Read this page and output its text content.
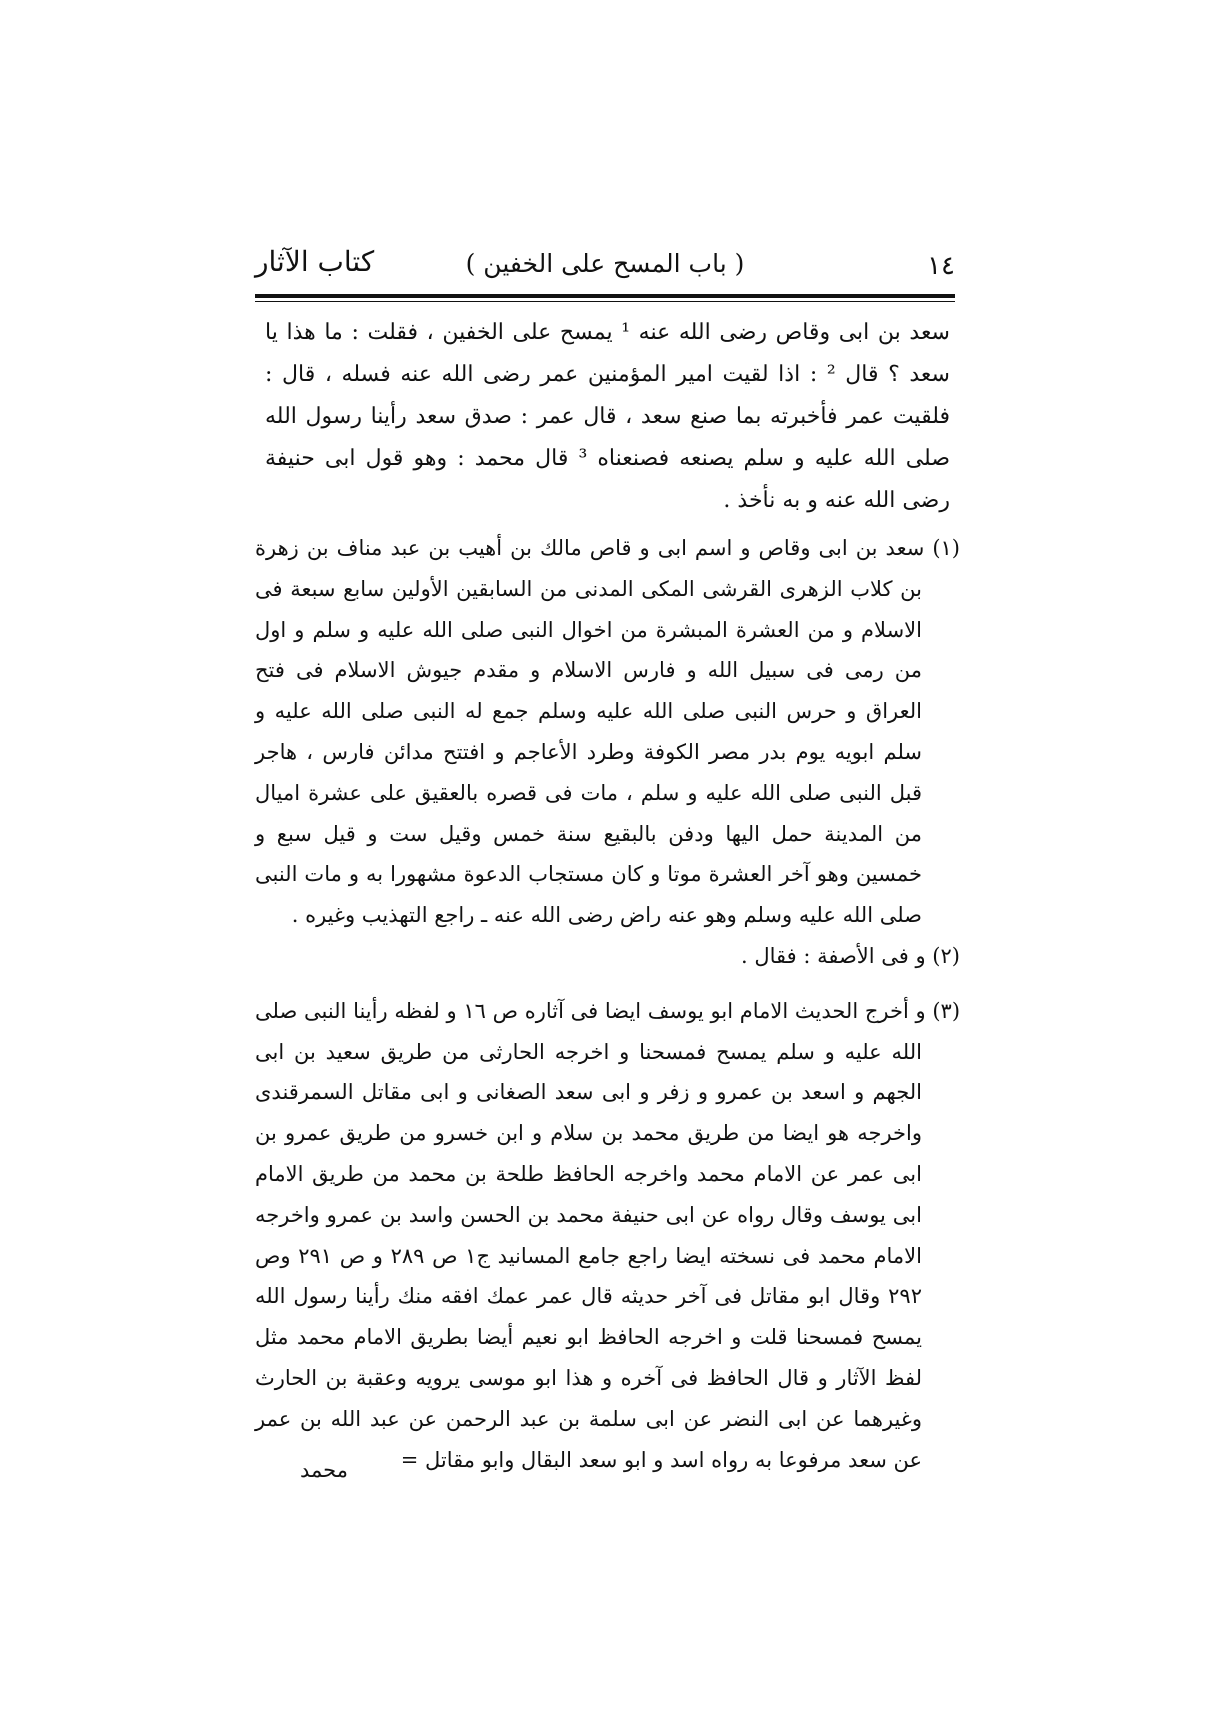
١٤
( باب المسح على الخفين )
كتاب الآثار

سعد بن ابی وقاص رضی الله عنه ¹ يمسح على الخفين ، فقلت : ما هذا يا سعد ؟ قال ² : اذا لقيت امير المؤمنين عمر رضی الله عنه فسله ، قال : فلقيت عمر فأخبرته بما صنع سعد ، قال عمر : صدق سعد رأينا رسول الله صلى الله عليه و سلم يصنعه فصنعناه ³ قال محمد : وهو قول ابی حنيفة رضی الله عنه و به نأخذ .

(١) سعد بن ابی وقاص و اسم ابی و قاص مالك بن أهيب بن عبد مناف بن زهرة بن كلاب الزهری القرشی المكی المدنی من السابقين الأولين سابع سبعة فی الاسلام و من العشرة المبشرة من اخوال النبی صلى الله عليه و سلم و اول من رمى فی سبيل الله و فارس الاسلام و مقدم جيوش الاسلام فی فتح العراق و حرس النبی صلى الله عليه وسلم جمع له النبی صلى الله عليه و سلم ابويه يوم بدر مصر الكوفة وطرد الأعاجم و افتتح مدائن فارس ، هاجر قبل النبی صلى الله عليه و سلم ، مات فی قصره بالعقيق على عشرة اميال من المدينة حمل اليها ودفن بالبقيع سنة خمس وقيل ست و قيل سبع و خمسين وهو آخر العشرة موتا و كان مستجاب الدعوة مشهورا به و مات النبی صلى الله عليه وسلم وهو عنه راض رضی الله عنه ـ راجع التهذيب وغيره .

(٢) و فی الأصفة : فقال .

(٣) و أخرج الحديث الامام ابو يوسف ايضا فی آثاره ص ١٦ و لفظه رأينا النبی صلى الله عليه و سلم يمسح فمسحنا و اخرجه الحارثی من طريق سعيد بن ابی الجهم و اسعد بن عمرو و زفر و ابی سعد الصغانی و ابی مقاتل السمرقندی واخرجه هو ايضا من طريق محمد بن سلام و ابن خسرو من طريق عمرو بن ابی عمر عن الامام محمد واخرجه الحافظ طلحة بن محمد من طريق الامام ابی يوسف وقال رواه عن ابی حنيفة محمد بن الحسن واسد بن عمرو واخرجه الامام محمد فی نسخته ايضا راجع جامع المسانيد ج١ ص ٢٨٩ و ص ٢٩١ وص ٢٩٢ وقال ابو مقاتل فی آخر حديثه قال عمر عمك افقه منك رأينا رسول الله يمسح فمسحنا قلت و اخرجه الحافظ ابو نعيم أيضا بطريق الامام محمد مثل لفظ الآثار و قال الحافظ فی آخره و هذا ابو موسى يرويه وعقبة بن الحارث وغيرهما عن ابی النضر عن ابی سلمة بن عبد الرحمن عن عبد الله بن عمر عن سعد مرفوعا به رواه اسد و ابو سعد البقال وابو مقاتل =

محمد
